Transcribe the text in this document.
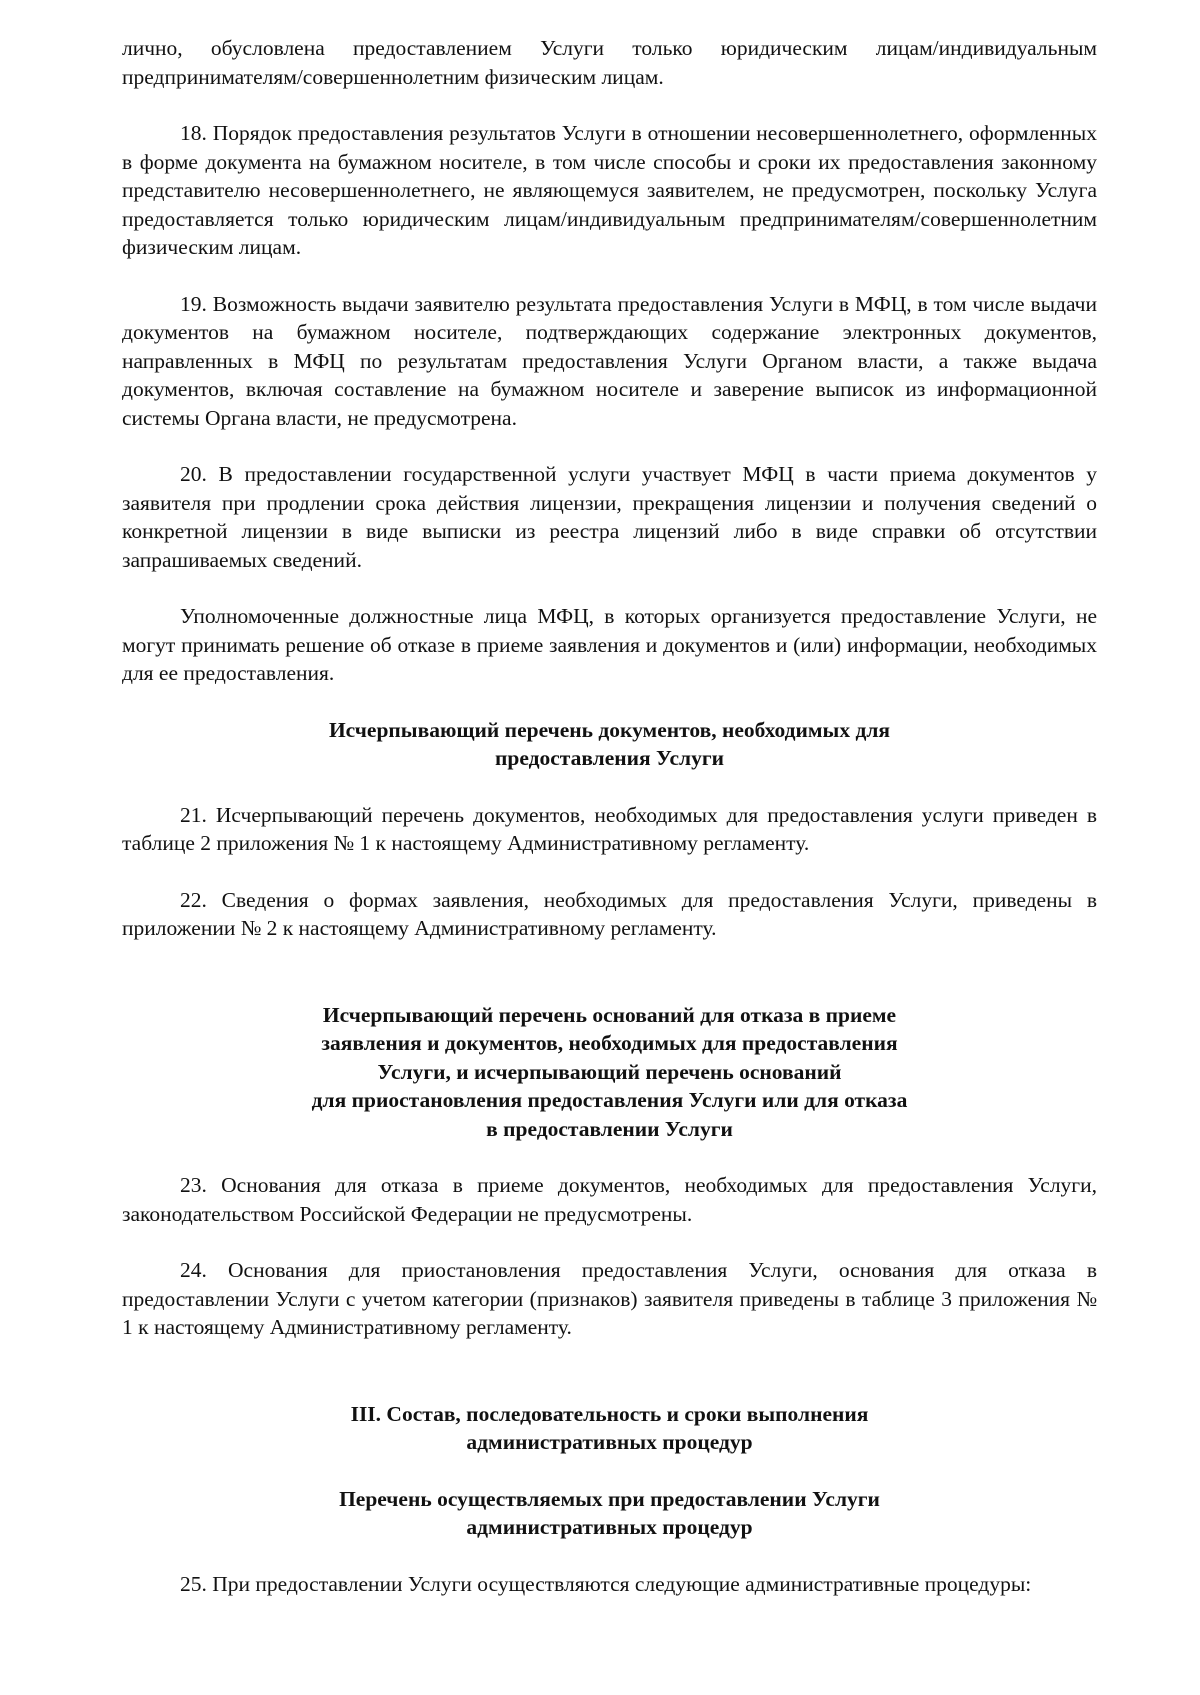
лично, обусловлена предоставлением Услуги только юридическим лицам/индивидуальным предпринимателям/совершеннолетним физическим лицам.

18. Порядок предоставления результатов Услуги в отношении несовершеннолетнего, оформленных в форме документа на бумажном носителе, в том числе способы и сроки их предоставления законному представителю несовершеннолетнего, не являющемуся заявителем, не предусмотрен, поскольку Услуга предоставляется только юридическим лицам/индивидуальным предпринимателям/совершеннолетним физическим лицам.

19. Возможность выдачи заявителю результата предоставления Услуги в МФЦ, в том числе выдачи документов на бумажном носителе, подтверждающих содержание электронных документов, направленных в МФЦ по результатам предоставления Услуги Органом власти, а также выдача документов, включая составление на бумажном носителе и заверение выписок из информационной системы Органа власти, не предусмотрена.

20. В предоставлении государственной услуги участвует МФЦ в части приема документов у заявителя при продлении срока действия лицензии, прекращения лицензии и получения сведений о конкретной лицензии в виде выписки из реестра лицензий либо в виде справки об отсутствии запрашиваемых сведений.

Уполномоченные должностные лица МФЦ, в которых организуется предоставление Услуги, не могут принимать решение об отказе в приеме заявления и документов и (или) информации, необходимых для ее предоставления.

Исчерпывающий перечень документов, необходимых для

предоставления Услуги

21. Исчерпывающий перечень документов, необходимых для предоставления услуги приведен в таблице 2 приложения № 1 к настоящему Административному регламенту.

22. Сведения о формах заявления, необходимых для предоставления Услуги, приведены в приложении № 2 к настоящему Административному регламенту.

Исчерпывающий перечень оснований для отказа в приеме

заявления и документов, необходимых для предоставления

Услуги, и исчерпывающий перечень оснований

для приостановления предоставления Услуги или для отказа

в предоставлении Услуги

23. Основания для отказа в приеме документов, необходимых для предоставления Услуги, законодательством Российской Федерации не предусмотрены.

24. Основания для приостановления предоставления Услуги, основания для отказа в предоставлении Услуги с учетом категории (признаков) заявителя приведены в таблице 3 приложения № 1 к настоящему Административному регламенту.

III. Состав, последовательность и сроки выполнения

административных процедур

Перечень осуществляемых при предоставлении Услуги

административных процедур

25. При предоставлении Услуги осуществляются следующие административные процедуры:
